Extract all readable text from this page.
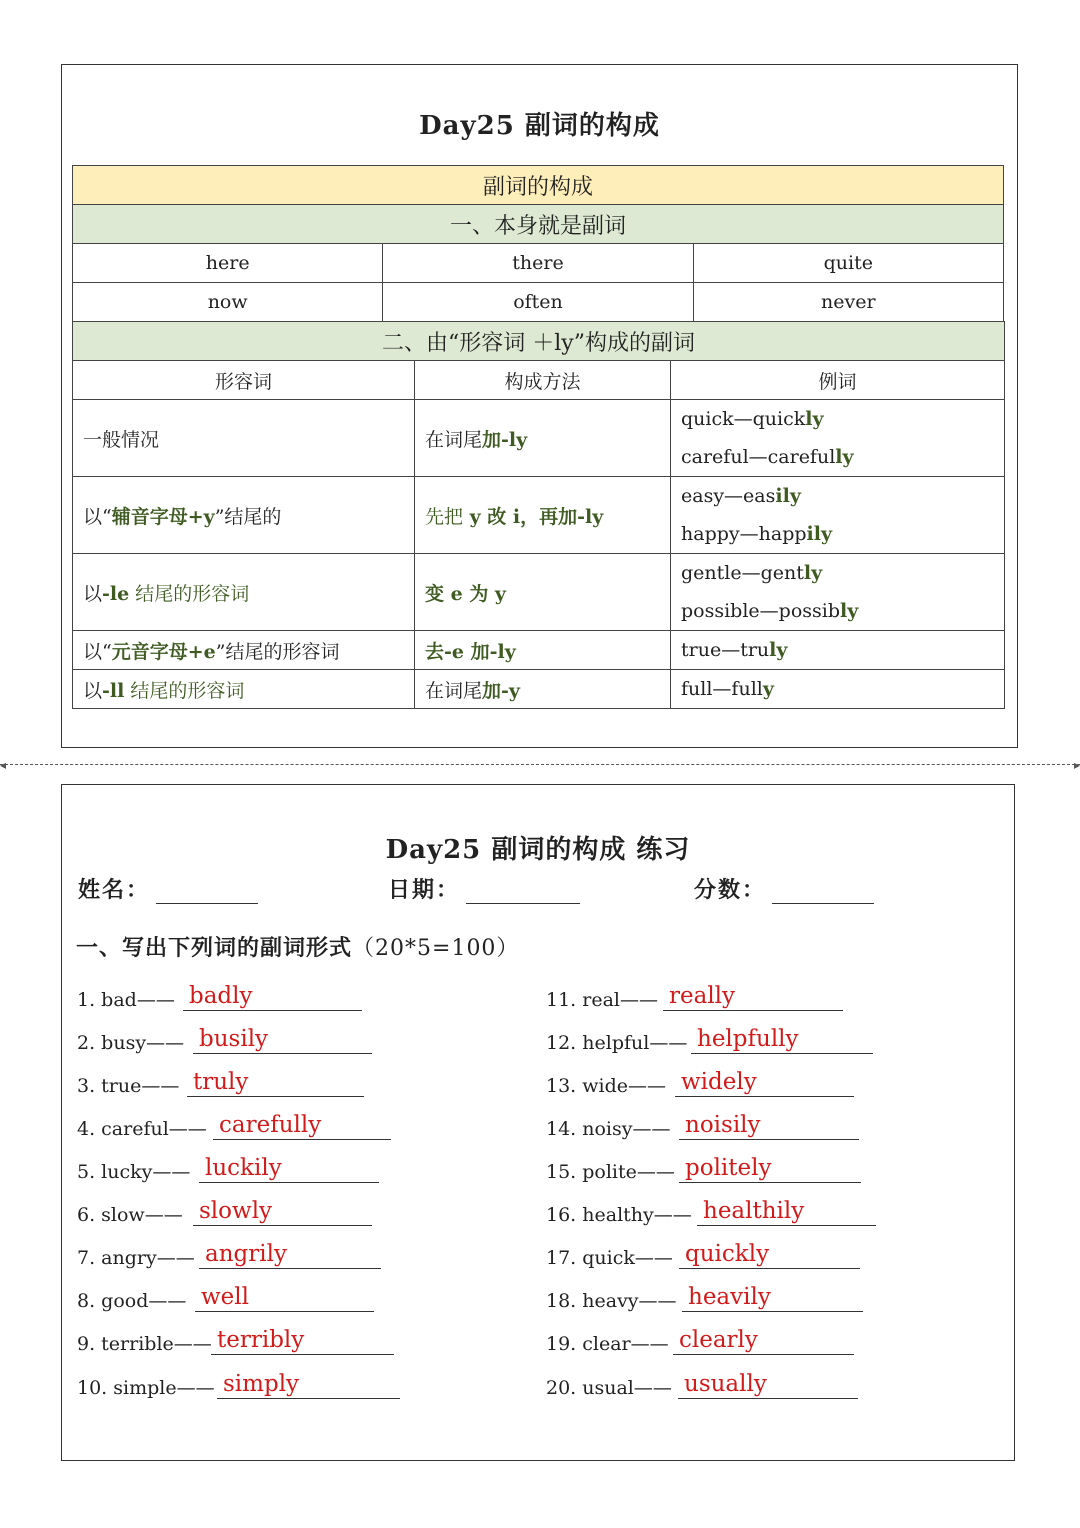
Day25 副词的构成
副词的构成		
一、本身就是副词		
here	there	quite
now	often	never
二、由“形容词 ＋ly”构成的副词		
形容词	构成方法	例词
一般情况	在词尾加-ly	quick—quickly
careful—carefully

以“辅音字母+y”结尾的	先把 y 改 i，再加-ly	easy—easily
happy—happily

以-le 结尾的形容词	变 e 为 y	gentle—gently
possible—possibly

以“元音字母+e”结尾的形容词	去-e 加-ly	true—truly
以-ll 结尾的形容词	在词尾加-y	full—fully
◂	▸
Day25 副词的构成 练习
姓名：	日期：	分数：
一、写出下列词的副词形式（20*5=100）
1. bad—— badly	11. real—— really
2. busy—— busily	12. helpful—— helpfully
3. true—— truly	13. wide—— widely
4. careful—— carefully	14. noisy—— noisily
5. lucky—— luckily	15. polite—— politely
6. slow—— slowly	16. healthy—— healthily
7. angry—— angrily	17. quick—— quickly
8. good—— well	18. heavy—— heavily
9. terrible—— terribly	19. clear—— clearly
10. simple—— simply	20. usual—— usually
